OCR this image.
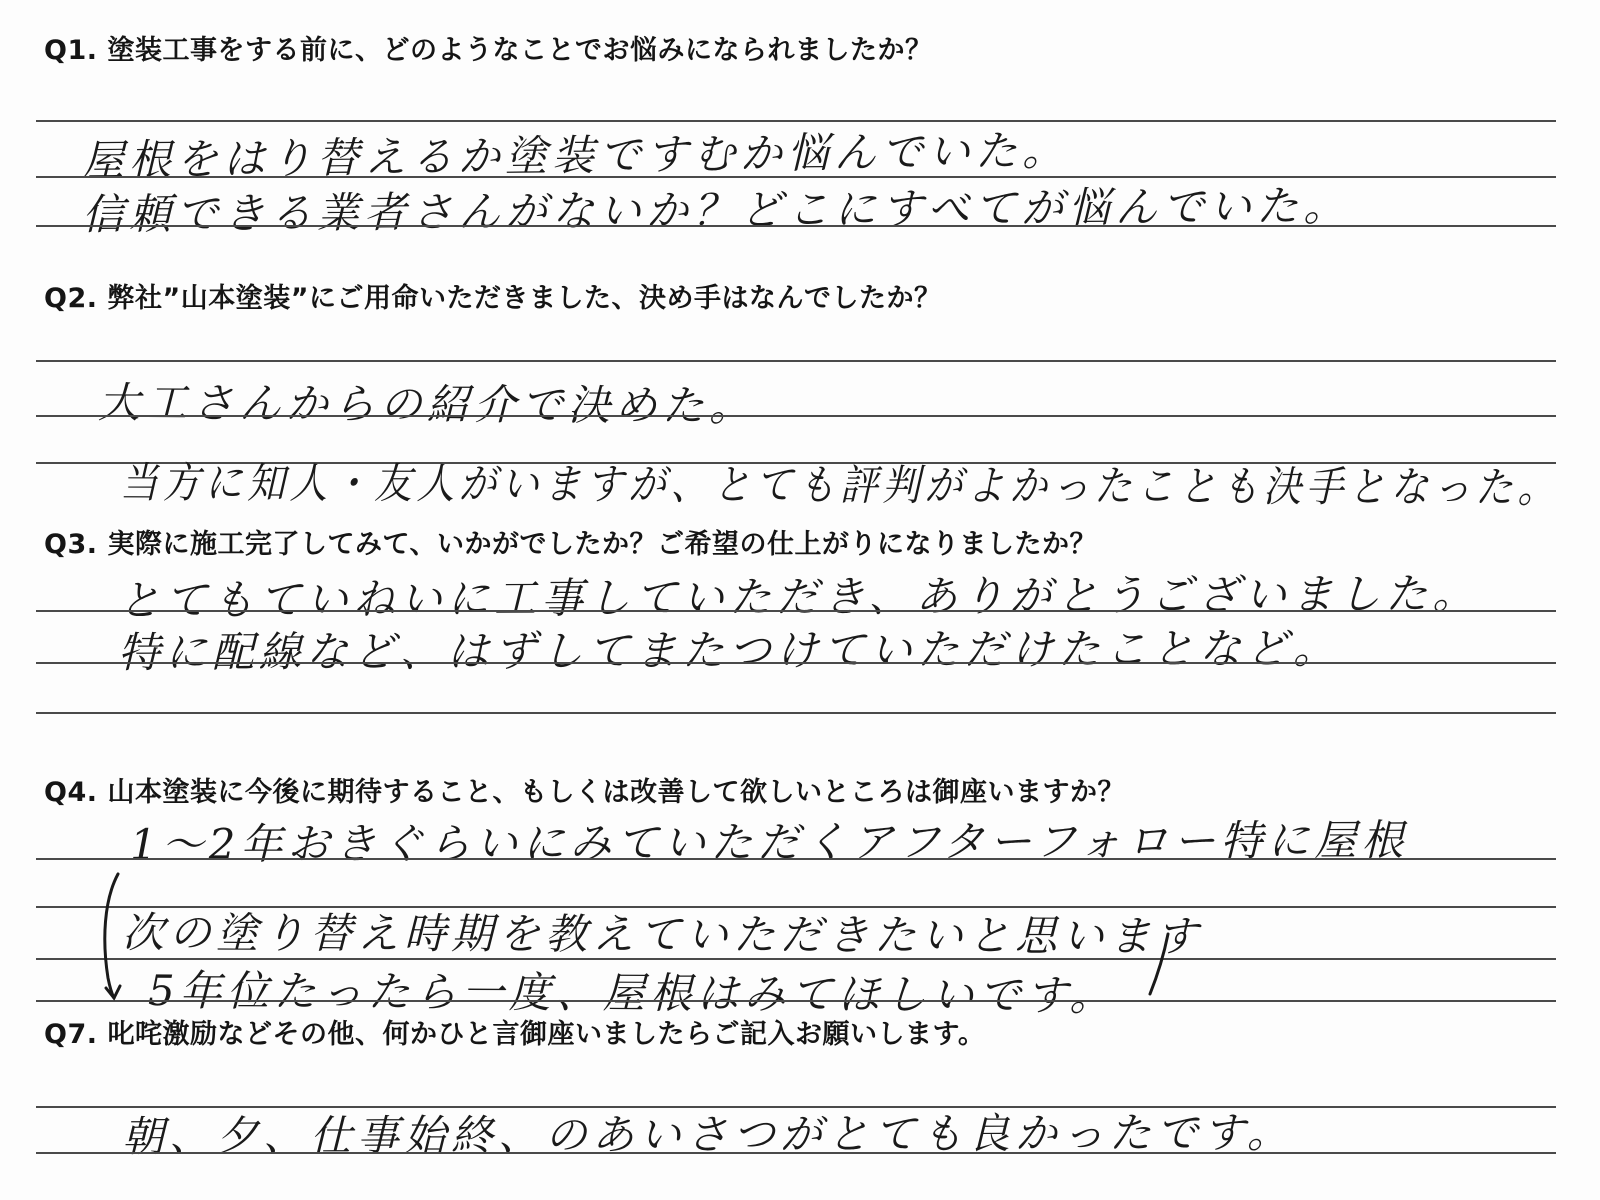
Q1. 塗装工事をする前に、どのようなことでお悩みになられましたか？
屋根をはり替えるか塗装ですむか悩んでいた。
信頼できる業者さんがないか？どこにすべてが悩んでいた。
Q2. 弊社”山本塗装”にご用命いただきました、決め手はなんでしたか？
大工さんからの紹介で決めた。
当方に知人・友人がいますが、とても評判がよかったことも決手となった。
Q3. 実際に施工完了してみて、いかがでしたか？ご希望の仕上がりになりましたか？
とてもていねいに工事していただき、ありがとうございました。
特に配線など、はずしてまたつけていただけたことなど。
Q4. 山本塗装に今後に期待すること、もしくは改善して欲しいところは御座いますか？
1〜2年おきぐらいにみていただくアフターフォロー特に屋根
次の塗り替え時期を教えていただきたいと思います
5年位たったら一度、屋根はみてほしいです。
Q7. 叱咤激励などその他、何かひと言御座いましたらご記入お願いします。
朝、夕、仕事始終、のあいさつがとても良かったです。
